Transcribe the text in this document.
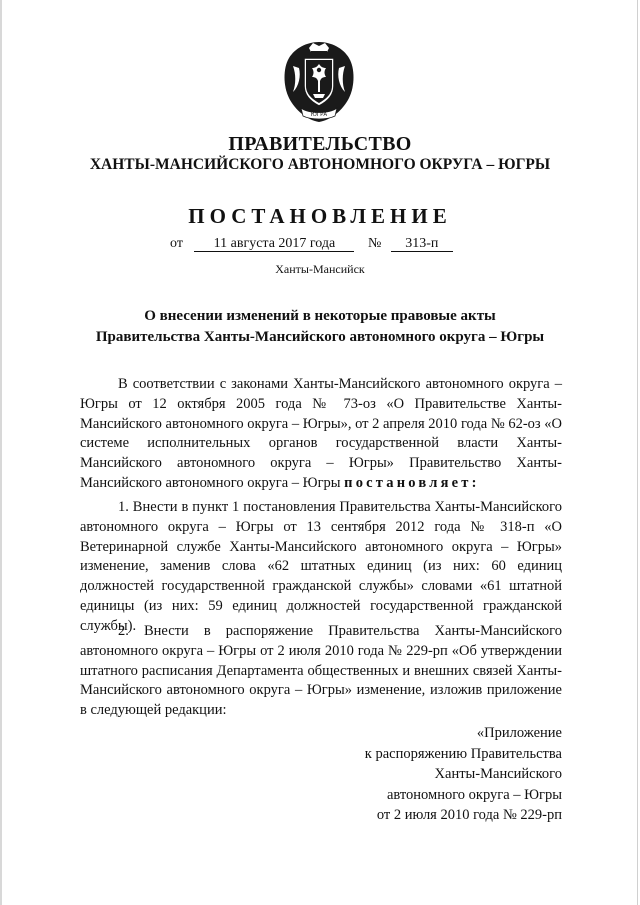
ЮГРА
ПРАВИТЕЛЬСТВО
ХАНТЫ-МАНСИЙСКОГО АВТОНОМНОГО ОКРУГА – ЮГРЫ
ПОСТАНОВЛЕНИЕ
от 11 августа 2017 года № 313-п
Ханты-Мансийск
О внесении изменений в некоторые правовые акты
Правительства Ханты-Мансийского автономного округа – Югры

В соответствии с законами Ханты-Мансийского автономного округа – Югры от 12 октября 2005 года № 73-оз «О Правительстве Ханты-Мансийского автономного округа – Югры», от 2 апреля 2010 года № 62-оз «О системе исполнительных органов государственной власти Ханты-Мансийского автономного округа – Югры» Правительство Ханты-Мансийского автономного округа – Югры постановляет:

1. Внести в пункт 1 постановления Правительства Ханты-Мансийского автономного округа – Югры от 13 сентября 2012 года № 318-п «О Ветеринарной службе Ханты-Мансийского автономного округа – Югры» изменение, заменив слова «62 штатных единиц (из них: 60 единиц должностей государственной гражданской службы» словами «61 штатной единицы (из них: 59 единиц должностей государственной гражданской службы).

2. Внести в распоряжение Правительства Ханты-Мансийского автономного округа – Югры от 2 июля 2010 года № 229-рп «Об утверждении штатного расписания Департамента общественных и внешних связей Ханты-Мансийского автономного округа – Югры» изменение, изложив приложение в следующей редакции:

«Приложение
к распоряжению Правительства
Ханты-Мансийского
автономного округа – Югры
от 2 июля 2010 года № 229-рп
